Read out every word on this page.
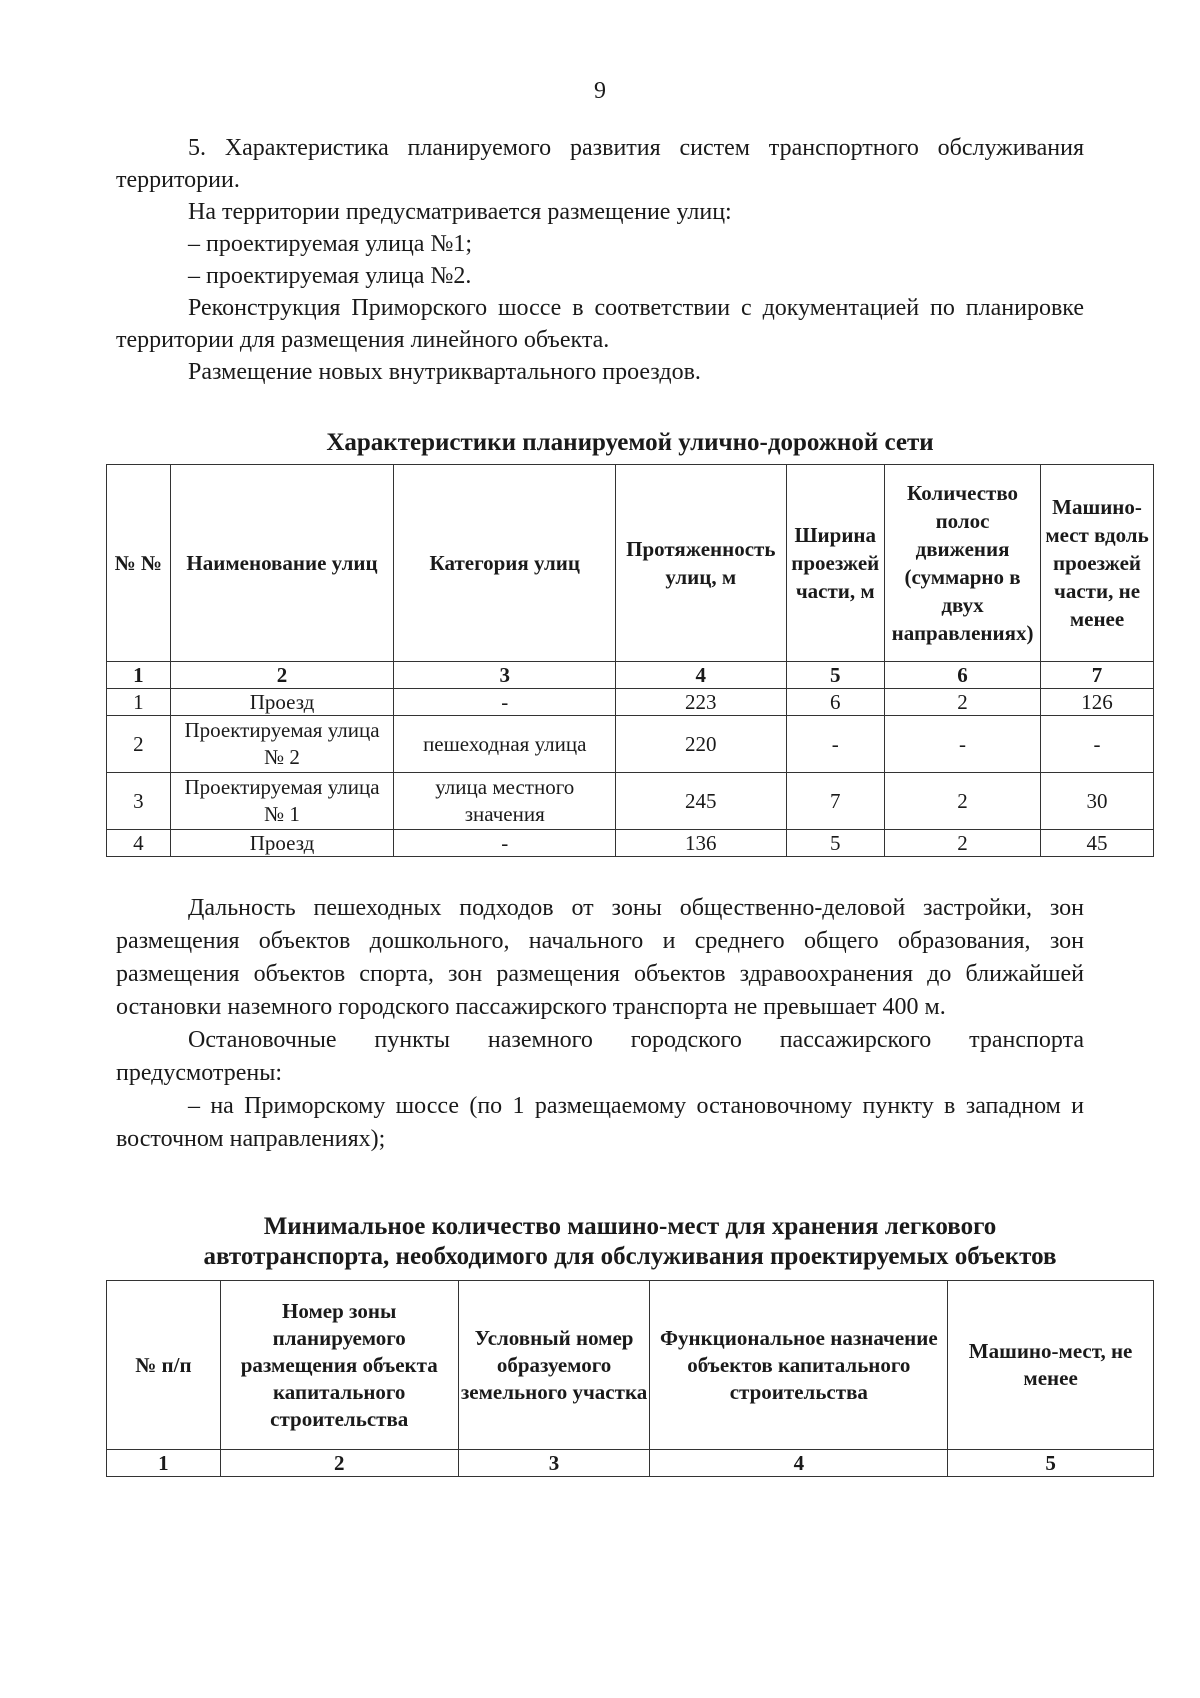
9

5. Характеристика планируемого развития систем транспортного обслуживания территории.

На территории предусматривается размещение улиц:

– проектируемая улица №1;

– проектируемая улица №2.

Реконструкция Приморского шоссе в соответствии с документацией по планировке территории для размещения линейного объекта.

Размещение новых внутриквартального проездов.

Характеристики планируемой улично-дорожной сети
№ №	Наименование улиц	Категория улиц	Протяженность улиц, м	Ширина проезжей части, м	Количество полос движения (суммарно в двух направлениях)	Машино-мест вдоль проезжей части, не менее
1	2	3	4	5	6	7
1	Проезд	-	223	6	2	126
2	Проектируемая улица № 2	пешеходная улица	220	-	-	-
3	Проектируемая улица № 1	улица местного значения	245	7	2	30
4	Проезд	-	136	5	2	45

Дальность пешеходных подходов от зоны общественно-деловой застройки, зон размещения объектов дошкольного, начального и среднего общего образования, зон размещения объектов спорта, зон размещения объектов здравоохранения до ближайшей остановки наземного городского пассажирского транспорта не превышает 400 м.

Остановочные пункты наземного городского пассажирского транспорта предусмотрены:

– на Приморскому шоссе (по 1 размещаемому остановочному пункту в западном и восточном направлениях);

Минимальное количество машино-мест для хранения легкового
автотранспорта, необходимого для обслуживания проектируемых объектов
№ п/п	Номер зоны планируемого размещения объекта капитального строительства	Условный номер образуемого земельного участка	Функциональное назначение объектов капитального строительства	Машино-мест, не менее
1	2	3	4	5
